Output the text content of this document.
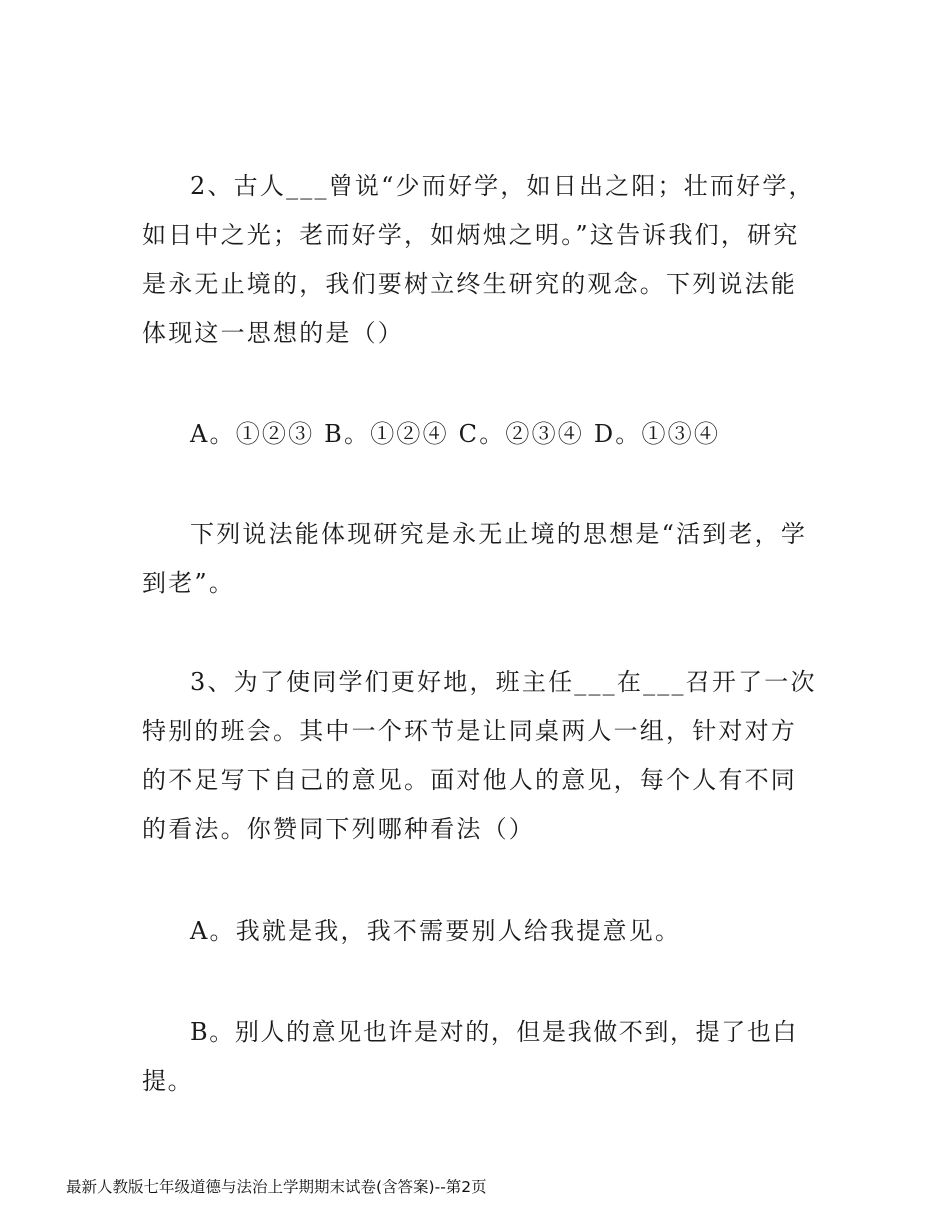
2、古人___曾说“少而好学，如日出之阳；壮而好学，如日中之光；老而好学，如炳烛之明。”这告诉我们，研究是永无止境的，我们要树立终生研究的观念。下列说法能体现这一思想的是（）

A。①②③ B。①②④ C。②③④ D。①③④

下列说法能体现研究是永无止境的思想是“活到老，学到老”。

3、为了使同学们更好地，班主任___在___召开了一次特别的班会。其中一个环节是让同桌两人一组，针对对方的不足写下自己的意见。面对他人的意见，每个人有不同的看法。你赞同下列哪种看法（）

A。我就是我，我不需要别人给我提意见。

B。别人的意见也许是对的，但是我做不到，提了也白提。

最新人教版七年级道德与法治上学期期末试卷(含答案)--第2页
